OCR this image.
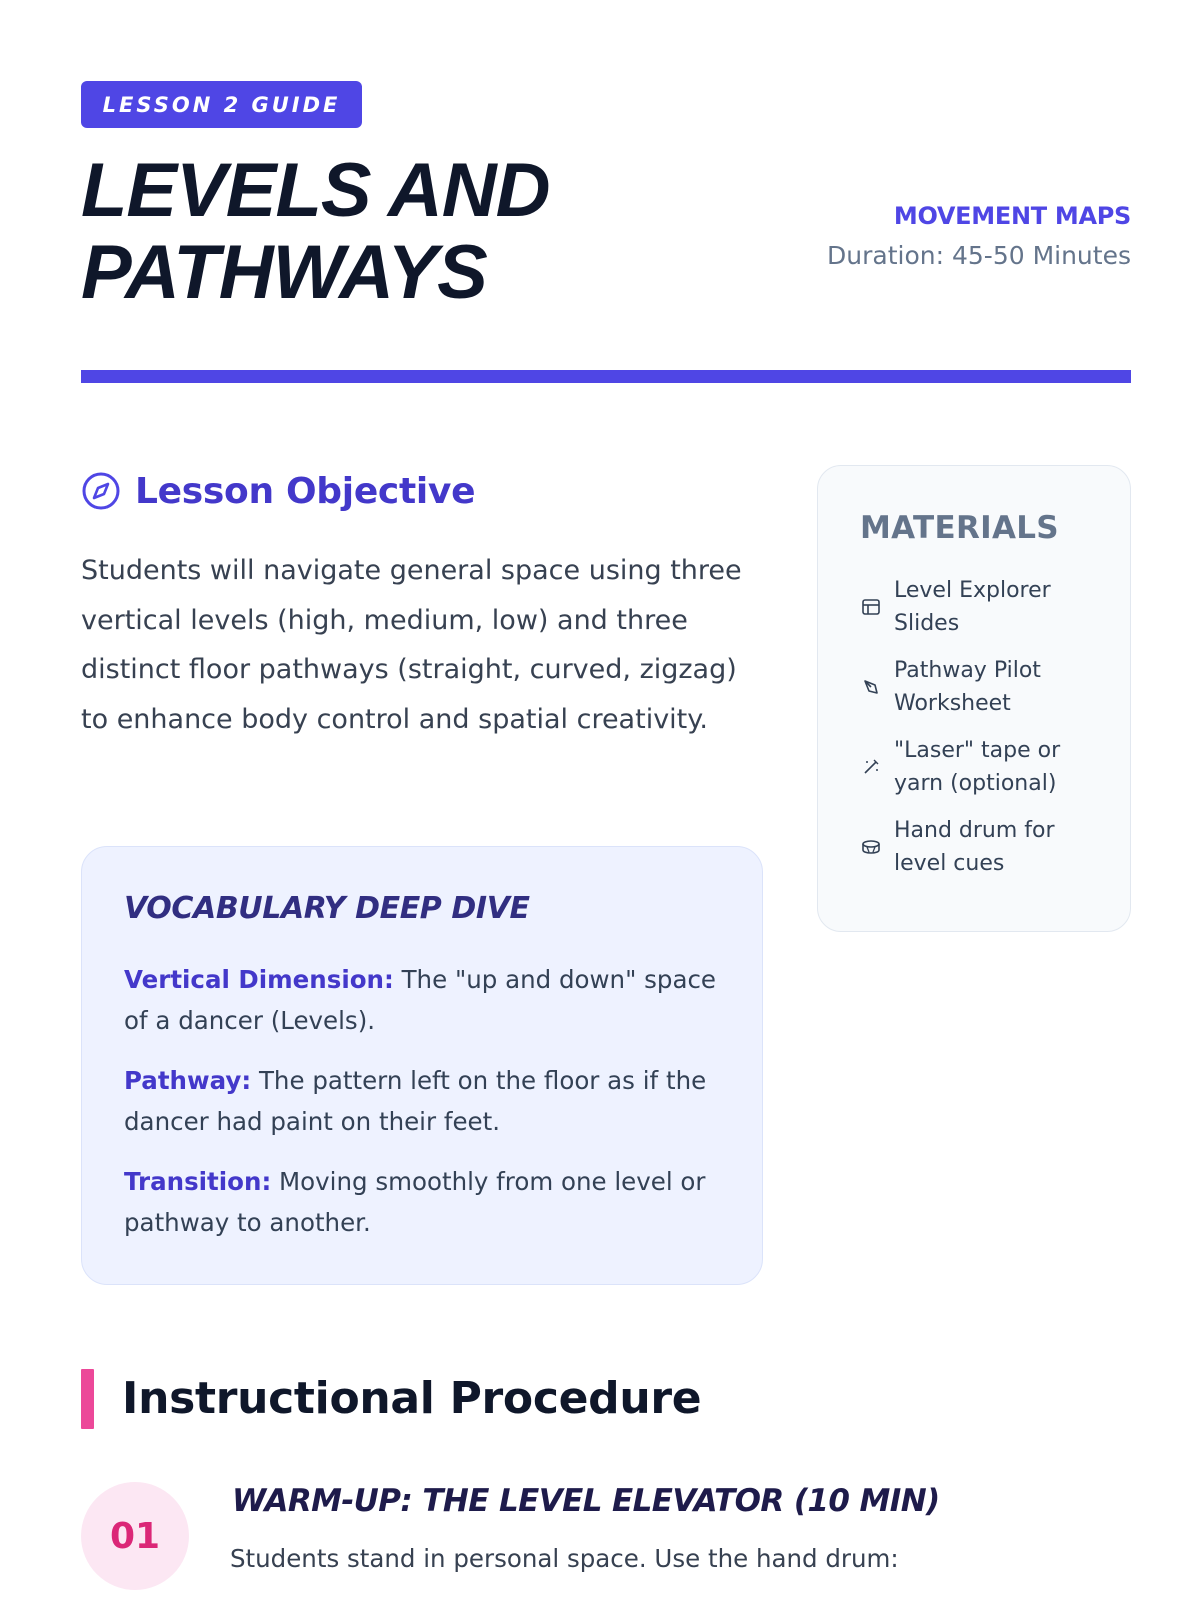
LESSON 2 GUIDE
LEVELS AND PATHWAYS
MOVEMENT MAPS
Duration: 45-50 Minutes
Lesson Objective

Students will navigate general space using three vertical levels (high, medium, low) and three distinct floor pathways (straight, curved, zigzag) to enhance body control and spatial creativity.

MATERIALS
Level Explorer Slides
Pathway Pilot Worksheet
"Laser" tape or yarn (optional)
Hand drum for level cues
VOCABULARY DEEP DIVE

Vertical Dimension: The "up and down" space of a dancer (Levels).

Pathway: The pattern left on the floor as if the dancer had paint on their feet.

Transition: Moving smoothly from one level or pathway to another.

Instructional Procedure
01
WARM-UP: THE LEVEL ELEVATOR (10 MIN)
Students stand in personal space. Use the hand drum:
